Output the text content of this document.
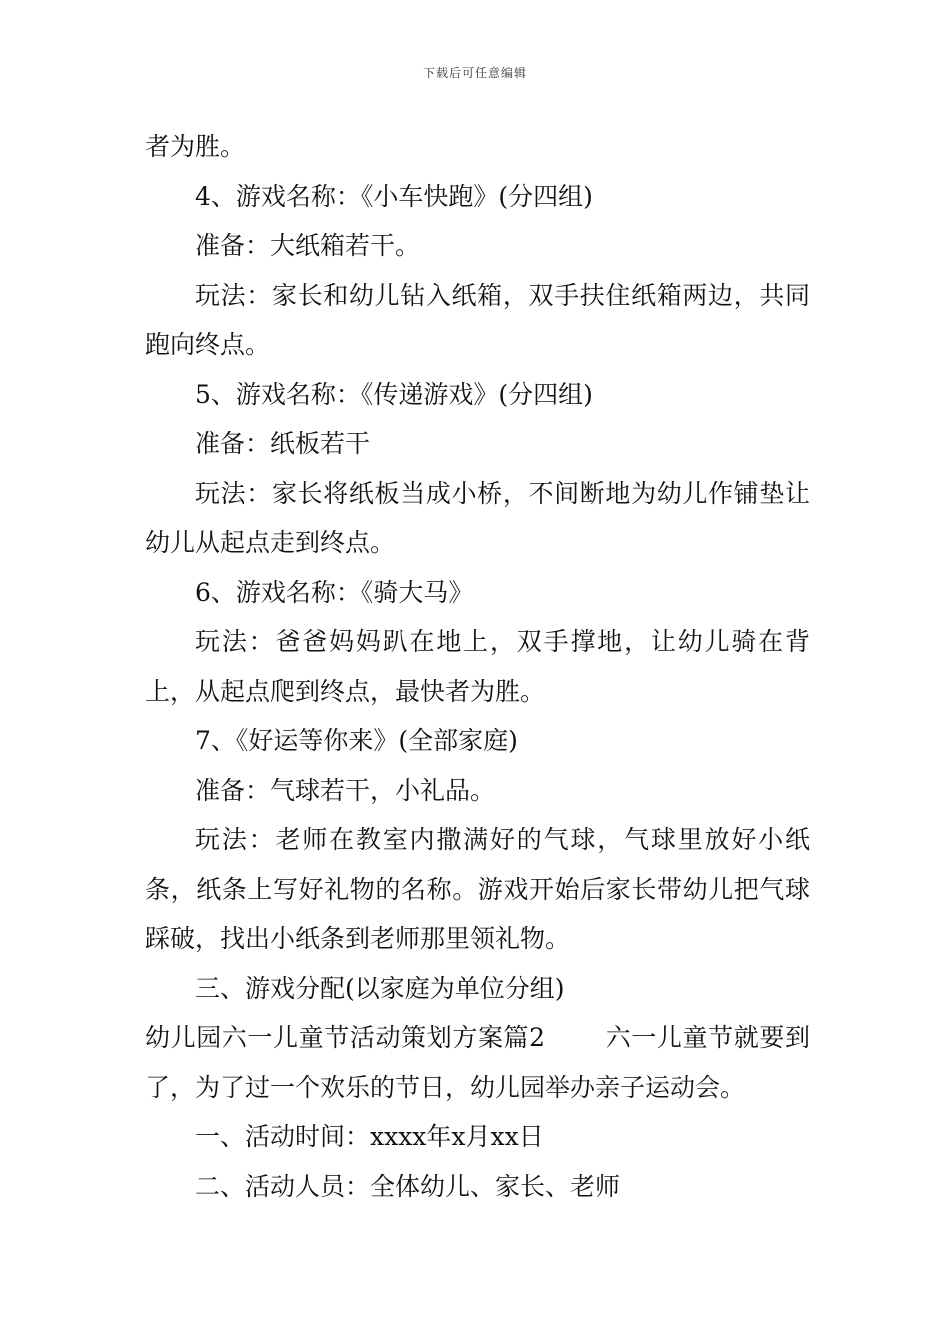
下载后可任意编辑

者为胜。

4、游戏名称：《小车快跑》(分四组)

准备：大纸箱若干。

玩法：家长和幼儿钻入纸箱，双手扶住纸箱两边，共同跑向终点。

5、游戏名称：《传递游戏》(分四组)

准备：纸板若干

玩法：家长将纸板当成小桥，不间断地为幼儿作铺垫让幼儿从起点走到终点。

6、游戏名称：《骑大马》

玩法：爸爸妈妈趴在地上，双手撑地，让幼儿骑在背上，从起点爬到终点，最快者为胜。

7、《好运等你来》(全部家庭)

准备：气球若干，小礼品。

玩法：老师在教室内撒满好的气球，气球里放好小纸条，纸条上写好礼物的名称。游戏开始后家长带幼儿把气球踩破，找出小纸条到老师那里领礼物。

三、游戏分配(以家庭为单位分组)

幼儿园六一儿童节活动策划方案篇2 六一儿童节就要到了，为了过一个欢乐的节日，幼儿园举办亲子运动会。

一、活动时间：xxxx年x月xx日

二、活动人员：全体幼儿、家长、老师
